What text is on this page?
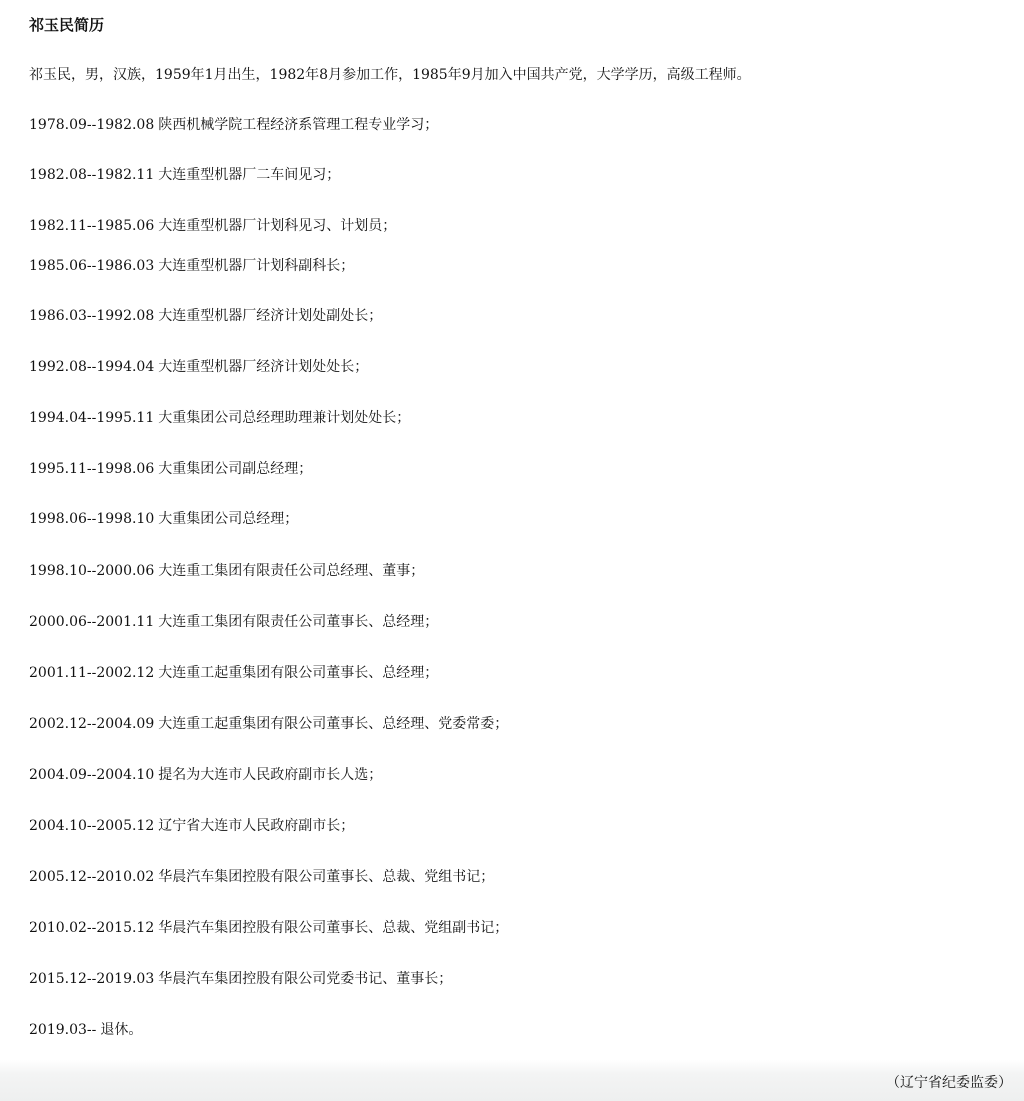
祁玉民简历
祁玉民，男，汉族，1959年1月出生，1982年8月参加工作，1985年9月加入中国共产党，大学学历，高级工程师。
1978.09--1982.08 陕西机械学院工程经济系管理工程专业学习；
1982.08--1982.11 大连重型机器厂二车间见习；
1982.11--1985.06 大连重型机器厂计划科见习、计划员；
1985.06--1986.03 大连重型机器厂计划科副科长；
1986.03--1992.08 大连重型机器厂经济计划处副处长；
1992.08--1994.04 大连重型机器厂经济计划处处长；
1994.04--1995.11 大重集团公司总经理助理兼计划处处长；
1995.11--1998.06 大重集团公司副总经理；
1998.06--1998.10 大重集团公司总经理；
1998.10--2000.06 大连重工集团有限责任公司总经理、董事；
2000.06--2001.11 大连重工集团有限责任公司董事长、总经理；
2001.11--2002.12 大连重工起重集团有限公司董事长、总经理；
2002.12--2004.09 大连重工起重集团有限公司董事长、总经理、党委常委；
2004.09--2004.10 提名为大连市人民政府副市长人选；
2004.10--2005.12 辽宁省大连市人民政府副市长；
2005.12--2010.02 华晨汽车集团控股有限公司董事长、总裁、党组书记；
2010.02--2015.12 华晨汽车集团控股有限公司董事长、总裁、党组副书记；
2015.12--2019.03 华晨汽车集团控股有限公司党委书记、董事长；
2019.03-- 退休。
（辽宁省纪委监委）
